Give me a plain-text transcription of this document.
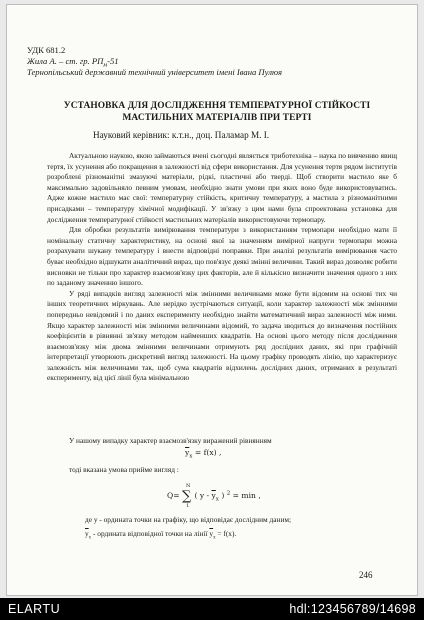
УДК 681.2
Жила А. – ст. гр. $РП_м-51$
Тернопільський державний технічний університет імені Івана Пулюя
УСТАНОВКА ДЛЯ ДОСЛІДЖЕННЯ ТЕМПЕРАТУРНОЇ СТІЙКОСТІ МАСТИЛЬНИХ МАТЕРІАЛІВ ПРИ ТЕРТІ
Науковий керівник: к.т.н., доц. Паламар М. І.

Актуальною наукою, якою займаються вчені сьогодні являється триботехніка – наука по вивченню явищ тертя, їх усунення або покращення в залежності від сфери використання. Для усунення тертя рядом інститутів розроблені різноманітні змазуючі матеріали, рідкі, пластичні або тверді. Щоб створити мастило яке б максимально задовільняло певним умовам, необхідно знати умови при яких воно буде використовуватись. Адже кожне мастило має свої: температурну стійкість, критичну температуру, а мастила з різноманітними присадками – температуру хімічної модифікації. У зв'язку з цим нами була спроектована установка для дослідження температурної стійкості мастильних матеріалів використовуючи термопару.

Для обробки результатів вимірювання температури з використанням термопари необхідно мати її номінальну статичну характеристику, на основі якої за значенням вимірної напруги термопари можна розрахувати шукану температуру і внести відповідні поправки. При аналізі результатів вимірювання часто буває необхідно відшукати аналітичний вираз, що пов'язує деякі змінні величини. Такий вираз дозволяє робити висновки не тільки про характер взаємозв'язку цих факторів, але й кількісно визначити значення одного з них по заданому значенню іншого.

У ряді випадків вигляд залежності між змінними величинами може бути відомим на основі тих чи інших теоретичних міркувань. Але нерідко зустрічаються ситуації, коли характер залежності між змінними попередньо невідомий і по даних експерименту необхідно знайти математичний вираз залежності між ними. Якщо характер залежності між змінними величинами відомий, то задача зводиться до визначення постійних коефіцієнтів в рівнянні зв'язку методом найменших квадратів. На основі цього методу після дослідження взаємозв'язку між двома змінними величинами отримують ряд дослідних даних, які при графічній інтерпретації утворюють дискретний вигляд залежності. На цьому графіку проводять лінію, що характеризує залежність між величинами так, щоб сума квадратів відхилень дослідних даних, отриманих в результаті експерименту, від цієї лінії була мінімальною

У нашому випадку характер взаємозв'язку виражений рівнянням
$\overline{y}_x = f(x)$ ,
тоді вказана умова прийме вигляд :
Q= ∑
N
1
( y - $\overline{y}_x$ ) $^2$ = min ,
де y - ордината точки на графіку, що відповідає дослідним даним;
$\overline{y}_x$ - ордината відповідної точки на лінії $\overline{y}_x = f(x)$.
246
ELARTU	hdl:123456789/14698
